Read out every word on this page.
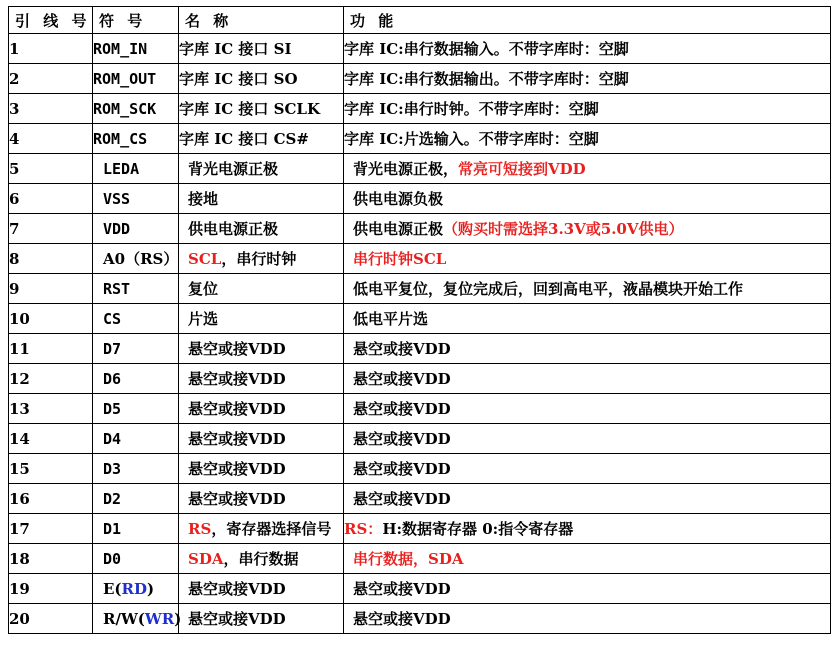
引 线 号	符 号	名 称	功 能
1	ROM_IN	字库 IC 接口 SI	字库 IC:串行数据输入。不带字库时：空脚
2	ROM_OUT	字库 IC 接口 SO	字库 IC:串行数据输出。不带字库时：空脚
3	ROM_SCK	字库 IC 接口 SCLK	字库 IC:串行时钟。不带字库时：空脚
4	ROM_CS	字库 IC 接口 CS#	字库 IC:片选输入。不带字库时：空脚
5	LEDA	背光电源正极	背光电源正极，常亮可短接到VDD
6	VSS	接地	供电电源负极
7	VDD	供电电源正极	供电电源正极（购买时需选择3.3V或5.0V供电）
8	A0（RS）	SCL，串行时钟	串行时钟SCL
9	RST	复位	低电平复位，复位完成后，回到高电平，液晶模块开始工作
10	CS	片选	低电平片选
11	D7	悬空或接VDD	悬空或接VDD
12	D6	悬空或接VDD	悬空或接VDD
13	D5	悬空或接VDD	悬空或接VDD
14	D4	悬空或接VDD	悬空或接VDD
15	D3	悬空或接VDD	悬空或接VDD
16	D2	悬空或接VDD	悬空或接VDD
17	D1	RS，寄存器选择信号	RS：H:数据寄存器 0:指令寄存器
18	D0	SDA，串行数据	串行数据，SDA
19	E(RD)	悬空或接VDD	悬空或接VDD
20	R/W(WR)	悬空或接VDD	悬空或接VDD
